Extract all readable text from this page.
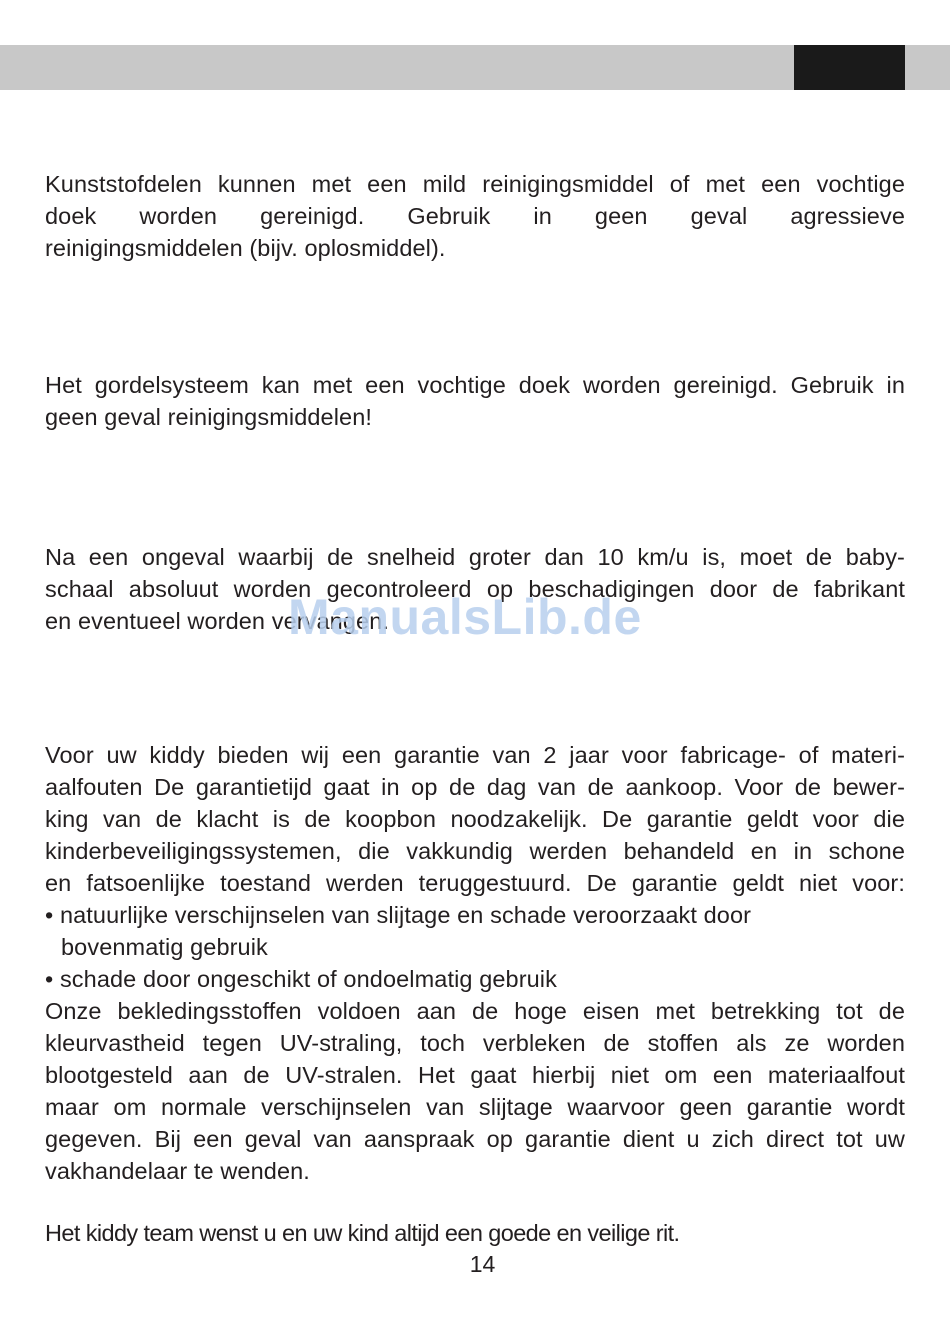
Kunststofdelen kunnen met een mild reinigingsmiddel of met een vochtige
doek worden gereinigd. Gebruik in geen geval agressieve
reinigingsmiddelen (bijv. oplosmiddel).
Het gordelsysteem kan met een vochtige doek worden gereinigd. Gebruik in
geen geval reinigingsmiddelen!
Na een ongeval waarbij de snelheid groter dan 10 km/u is, moet de baby-
schaal absoluut worden gecontroleerd op beschadigingen door de fabrikant
en eventueel worden vervangen.
Voor uw kiddy bieden wij een garantie van 2 jaar voor fabricage- of materi-
aalfouten De garantietijd gaat in op de dag van de aankoop. Voor de bewer-
king van de klacht is de koopbon noodzakelijk. De garantie geldt voor die
kinderbeveiligingssystemen, die vakkundig werden behandeld en in schone
en fatsoenlijke toestand werden teruggestuurd. De garantie geldt niet voor:
• natuurlijke verschijnselen van slijtage en schade veroorzaakt door
bovenmatig gebruik
• schade door ongeschikt of ondoelmatig gebruik
Onze bekledingsstoffen voldoen aan de hoge eisen met betrekking tot de
kleurvastheid tegen UV-straling, toch verbleken de stoffen als ze worden
blootgesteld aan de UV-stralen. Het gaat hierbij niet om een materiaalfout
maar om normale verschijnselen van slijtage waarvoor geen garantie wordt
gegeven. Bij een geval van aanspraak op garantie dient u zich direct tot uw
vakhandelaar te wenden.
Het kiddy team wenst u en uw kind altijd een goede en veilige rit.
14
ManualsLib.de
